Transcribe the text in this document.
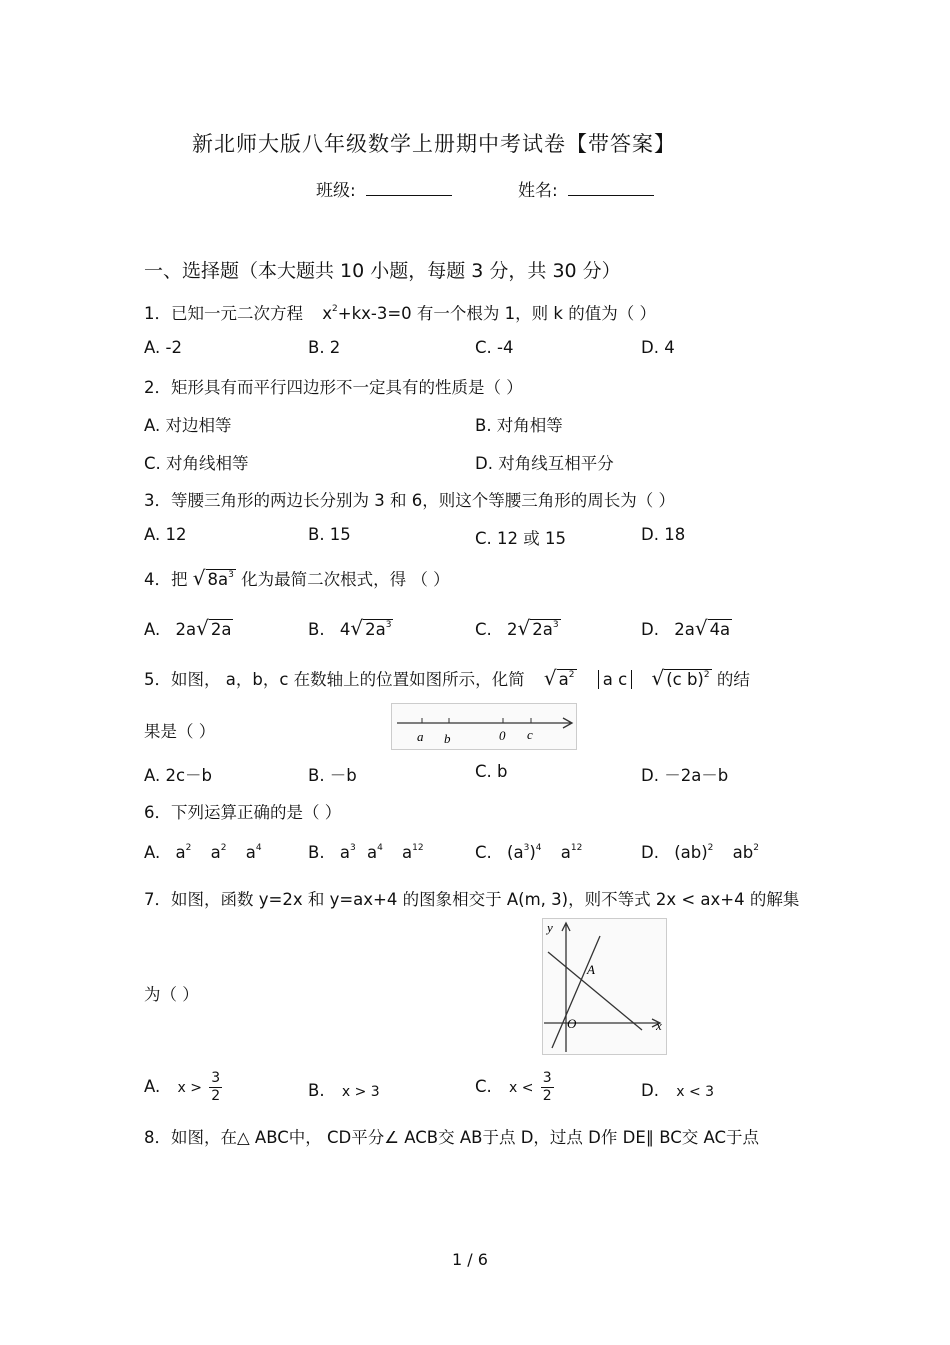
新北师大版八年级数学上册期中考试卷【带答案】
班级:	姓名:
一、选择题（本大题共 10 小题，每题 3 分，共 30 分）
1．已知一元二次方程 $x^2+kx-3=0$ 有一个根为 1，则 k 的值为（ ）
A. -2	B. 2	C. -4	D. 4
2．矩形具有而平行四边形不一定具有的性质是（ ）
A. 对边相等	B. 对角相等
C. 对角线相等	D. 对角线互相平分
3．等腰三角形的两边长分别为 3 和 6，则这个等腰三角形的周长为（ ）
A. 12	B. 15	C. 12 或 15	D. 18
4．把 √ $8a^3$ 化为最简二次根式，得 （ ）
A. 2a√ 2a	B. 4√ $2a^3$	C. 2√ $2a^3$	D. 2a√ 4a
5．如图， a，b，c 在数轴上的位置如图所示，化简 √ $a^2$ a c √ (c b)$^2$ 的结
果是（ ）	a b	0 c
A. 2c－b	B. －b	C. b	D. －2a－b
6．下列运算正确的是（ ）
A. $a^2$ $a^2$ $a^4$	B. $a^3$ $a^4$ $a^{12}$	C. $(a^3)^4$ $a^{12}$	D. (ab)$^2$ $ab^2$
7．如图，函数 y=2x 和 y=ax+4 的图象相交于 A(m, 3)，则不等式 2x < ax+4 的解集
为（ ）
y
x
A
O
A. $x > \frac{3}{2}$	B. x > 3	C. $x < \frac{3}{2}$	D. x < 3
8．如图，在△ ABC中， CD平分∠ ACB交 AB于点 D，过点 D作 DE∥ BC交 AC于点
1 / 6
